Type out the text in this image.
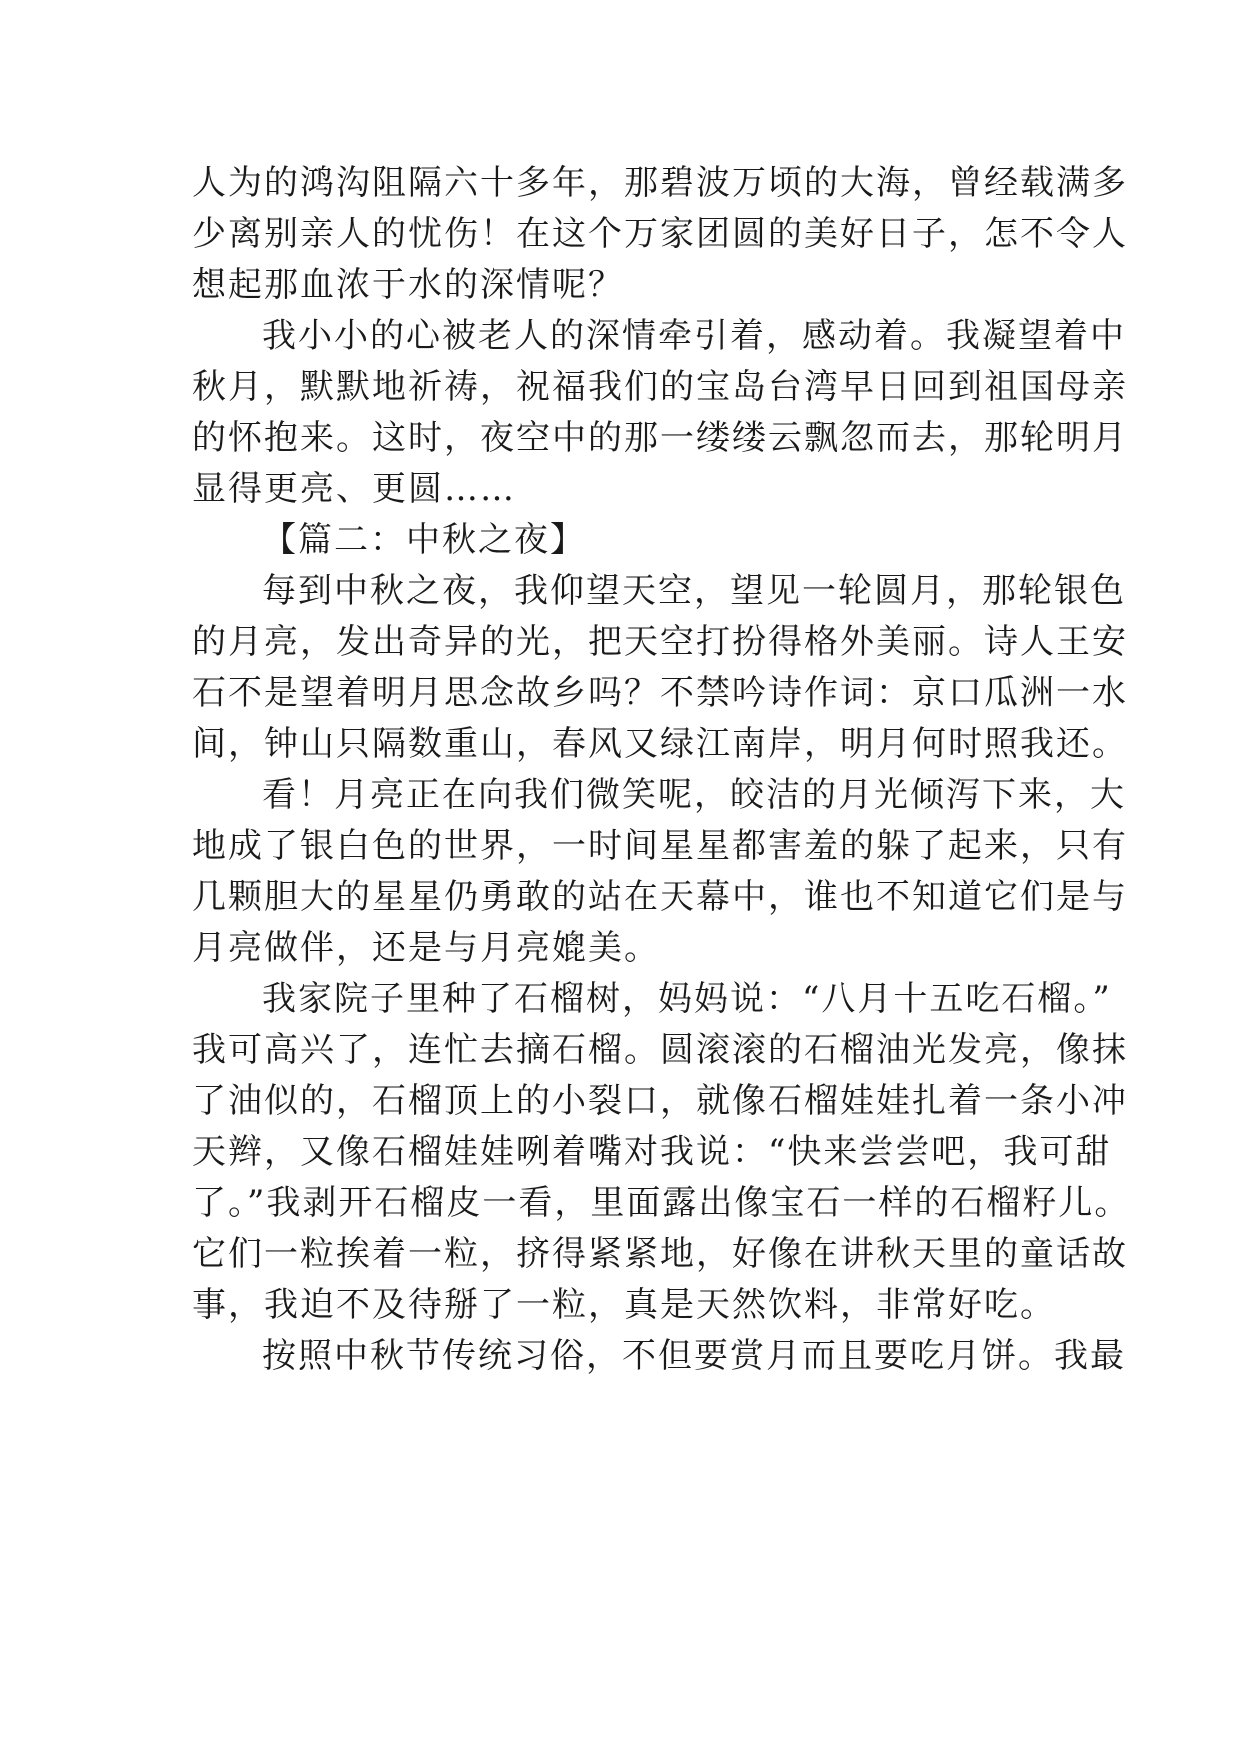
人为的鸿沟阻隔六十多年，那碧波万顷的大海，曾经载满多
少离别亲人的忧伤！在这个万家团圆的美好日子，怎不令人
想起那血浓于水的深情呢？
我小小的心被老人的深情牵引着，感动着。我凝望着中
秋月，默默地祈祷，祝福我们的宝岛台湾早日回到祖国母亲
的怀抱来。这时，夜空中的那一缕缕云飘忽而去，那轮明月
显得更亮、更圆……
【篇二：中秋之夜】
每到中秋之夜，我仰望天空，望见一轮圆月，那轮银色
的月亮，发出奇异的光，把天空打扮得格外美丽。诗人王安
石不是望着明月思念故乡吗？不禁吟诗作词：京口瓜洲一水
间，钟山只隔数重山，春风又绿江南岸，明月何时照我还。
看！月亮正在向我们微笑呢，皎洁的月光倾泻下来，大
地成了银白色的世界，一时间星星都害羞的躲了起来，只有
几颗胆大的星星仍勇敢的站在天幕中，谁也不知道它们是与
月亮做伴，还是与月亮媲美。
我家院子里种了石榴树，妈妈说：“八月十五吃石榴。”
我可高兴了，连忙去摘石榴。圆滚滚的石榴油光发亮，像抹
了油似的，石榴顶上的小裂口，就像石榴娃娃扎着一条小冲
天辫，又像石榴娃娃咧着嘴对我说：“快来尝尝吧，我可甜
了。”我剥开石榴皮一看，里面露出像宝石一样的石榴籽儿。
它们一粒挨着一粒，挤得紧紧地，好像在讲秋天里的童话故
事，我迫不及待掰了一粒，真是天然饮料，非常好吃。
按照中秋节传统习俗，不但要赏月而且要吃月饼。我最
